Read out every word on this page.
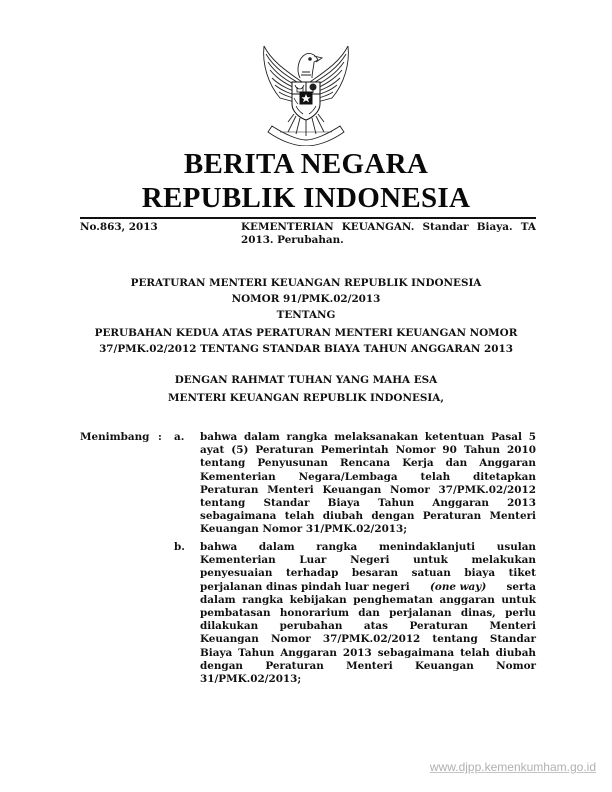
BERITA NEGARA
REPUBLIK INDONESIA
No.863, 2013	KEMENTERIAN KEUANGAN. Standar Biaya. TA 2013. Perubahan.
PERATURAN MENTERI KEUANGAN REPUBLIK INDONESIA
NOMOR 91/PMK.02/2013
TENTANG
PERUBAHAN KEDUA ATAS PERATURAN MENTERI KEUANGAN NOMOR
37/PMK.02/2012 TENTANG STANDAR BIAYA TAHUN ANGGARAN 2013
DENGAN RAHMAT TUHAN YANG MAHA ESA
MENTERI KEUANGAN REPUBLIK INDONESIA,
Menimbang : a. bahwa dalam rangka melaksanakan ketentuan Pasal 5
ayat (5) Peraturan Pemerintah Nomor 90 Tahun 2010
tentang Penyusunan Rencana Kerja dan Anggaran
Kementerian Negara/Lembaga telah ditetapkan
Peraturan Menteri Keuangan Nomor 37/PMK.02/2012
tentang Standar Biaya Tahun Anggaran 2013
sebagaimana telah diubah dengan Peraturan Menteri
Keuangan Nomor 31/PMK.02/2013;
b. bahwa dalam rangka menindaklanjuti usulan
Kementerian Luar Negeri untuk melakukan
penyesuaian terhadap besaran satuan biaya tiket
perjalanan dinas pindah luar negeri (one way) serta
dalam rangka kebijakan penghematan anggaran untuk
pembatasan honorarium dan perjalanan dinas, perlu
dilakukan perubahan atas Peraturan Menteri
Keuangan Nomor 37/PMK.02/2012 tentang Standar
Biaya Tahun Anggaran 2013 sebagaimana telah diubah
dengan Peraturan Menteri Keuangan Nomor
31/PMK.02/2013;
www.djpp.kemenkumham.go.id
